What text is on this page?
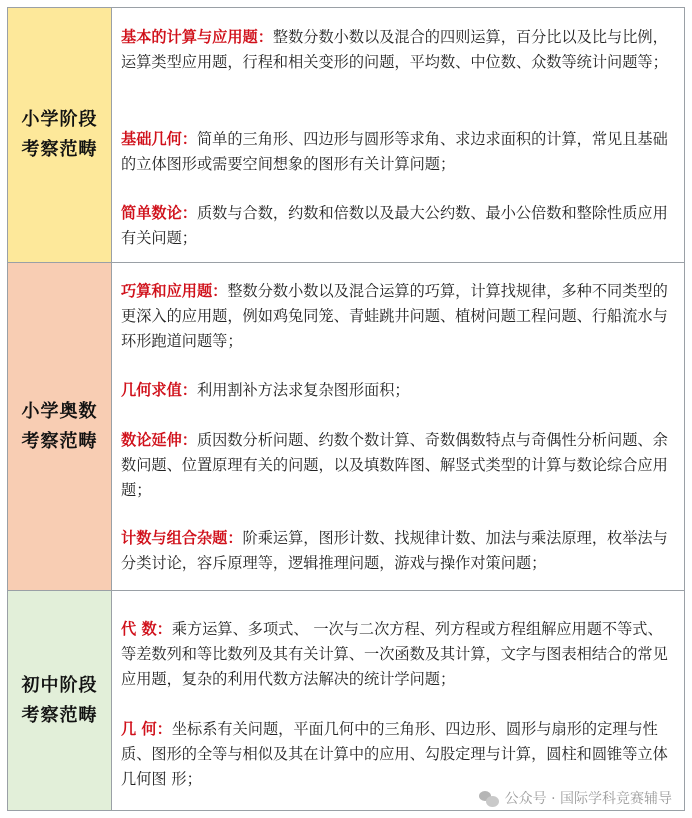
小学阶段
考察范畴
基本的计算与应用题：整数分数小数以及混合的四则运算，百分比以及比与比例，运算类型应用题，行程和相关变形的问题，平均数、中位数、众数等统计问题等；
基础几何：简单的三角形、四边形与圆形等求角、求边求面积的计算，常见且基础的立体图形或需要空间想象的图形有关计算问题；
简单数论：质数与合数，约数和倍数以及最大公约数、最小公倍数和整除性质应用有关问题；
小学奥数
考察范畴
巧算和应用题：整数分数小数以及混合运算的巧算，计算找规律，多种不同类型的更深入的应用题，例如鸡兔同笼、青蛙跳井问题、植树问题工程问题、行船流水与环形跑道问题等；
几何求值：利用割补方法求复杂图形面积；
数论延伸：质因数分析问题、约数个数计算、奇数偶数特点与奇偶性分析问题、余数问题、位置原理有关的问题，以及填数阵图、解竖式类型的计算与数论综合应用题；
计数与组合杂题：阶乘运算，图形计数、找规律计数、加法与乘法原理，枚举法与分类讨论，容斥原理等，逻辑推理问题，游戏与操作对策问题；
初中阶段
考察范畴
代 数：乘方运算、多项式、 一次与二次方程、列方程或方程组解应用题不等式、等差数列和等比数列及其有关计算、一次函数及其计算，文字与图表相结合的常见应用题，复杂的利用代数方法解决的统计学问题；
几 何：坐标系有关问题，平面几何中的三角形、四边形、圆形与扇形的定理与性质、图形的全等与相似及其在计算中的应用、勾股定理与计算，圆柱和圆锥等立体几何图 形；
公众号 · 国际学科竞赛辅导
